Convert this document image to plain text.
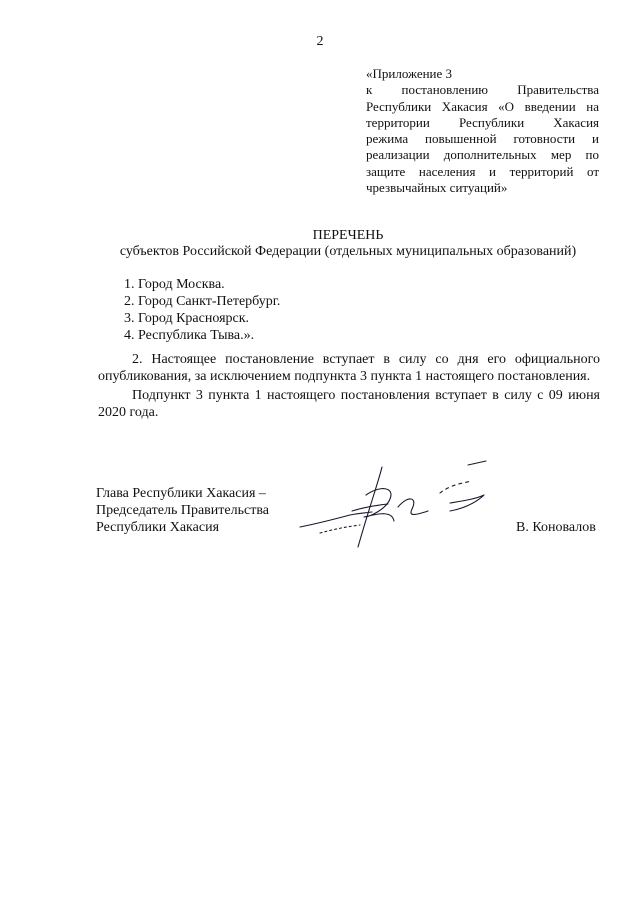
2
«Приложение 3
к постановлению Правительства
Республики Хакасия «О введении на
территории Республики Хакасия
режима повышенной готовности и
реализации дополнительных мер по
защите населения и территорий от
чрезвычайных ситуаций»
ПЕРЕЧЕНЬ
субъектов Российской Федерации (отдельных муниципальных образований)
1. Город Москва.
2. Город Санкт-Петербург.
3. Город Красноярск.
4. Республика Тыва.».
2. Настоящее постановление вступает в силу со дня его официального
опубликования, за исключением подпункта 3 пункта 1 настоящего постановления.
Подпункт 3 пункта 1 настоящего постановления вступает в силу с 09 июня
2020 года.
Глава Республики Хакасия –
Председатель Правительства
Республики Хакасия	В. Коновалов
